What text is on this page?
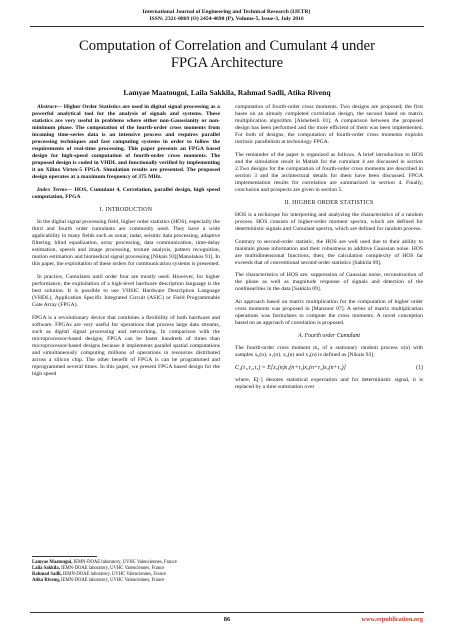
International Journal of Engineering and Technical Research (IJETR)
ISSN: 2321-0869 (O) 2454-4698 (P), Volume-5, Issue-3, July 2016
Computation of Correlation and Cumulant 4 under
FPGA Architecture
Lamyae Maatougui, Laila Sakkila, Rahmad Sadli, Atika Rivenq

Abstract— Higher Order Statistics are used in digital signal processing as a powerful analytical tool for the analysis of signals and systems. These statistics are very useful in problems where either non-Gaussianity or non-minimum phase. The computation of the fourth-order cross moments from incoming time-series data is an intensive process and requires parallel processing techniques and fast computing systems in order to follow the requirements of real-time processing. This paper presents an FPGA based design for high-speed computation of fourth-order cross moments. The proposed design is coded in VHDL and functionally verified by implementing it on Xilinx Virtex-5 FPGA. Simulation results are presented. The proposed design operates at a maximum frequency of 375 MHz.

Index Terms— HOS, Cumulant 4, Correlation, parallel design, high speed computation, FPGA

I. INTRODUCTION

In the digital signal processing field, higher order statistics (HOS), especially the third and fourth order cumulants are commonly used. They have a wide applicability in many fields such as sonar, radar, seismic data processing, adaptive filtering, blind equalization, array processing, data communication, time-delay estimation, speech and image processing, texture analysis, pattern recognition, motion estimation and biomedical signal processing [Nikais 93][Manolakos 91]. In this paper, the exploitation of these orders for communication systems is presented.

In practice, Cumulants until order four are mostly used. However, for higher performance, the exploitation of a high-level hardware description language is the best solution. It is possible to use VHSIC Hardware Description Language (VHDL), Application Specific Integrated Circuit (ASIC) or Field Programmable Gate Array (FPGA).

FPGA is a revolutionary device that combines a flexibility of both hardware and software. FPGAs are very useful for operations that process large data streams, such as digital signal processing and networking. In comparison with the microprocessor-based designs, FPGA can be faster hundreds of times than microprocessor-based designs because it implements parallel spatial computations and simultaneously computing millions of operations in resources distributed across a silicon chip. The other benefit of FPGA is can be programmed and reprogrammed several times. In this paper, we present FPGA based design for the high speed

computation of fourth-order cross moments. Two designs are proposed; the first bases on an already completed correlation design, the second based on matrix multiplication algorithm [Alshebeili 01]. A comparison between the proposed design has been performed and the more efficient of them was been implemented. For both of designs, the computation of fourth-order cross moments exploits intrinsic parallelism at technology FPGA.

The remainder of the paper is organized as follows. A brief introduction to HOS and the simulation result in Matlab for the cumulant 4 are discussed in section 2.Two designs for the computation of fourth-order cross moments are described in section 3 and the architectural details for them have been discussed. FPGA implementation results for correlation are summarized in section 4. Finally, conclusion and prospects are given in section 5.

II. HIGHER ORDER STATISTICS

HOS is a technique for interpreting and analyzing the characteristics of a random process. HOS consists of higher-order moment spectra, which are defined for deterministic signals and Cumulant spectra, which are defined for random process.

Contrary to second-order statistic, the HOS are well used due to their ability to maintain phase information and their robustness to additive Gaussian noise. HOS are multidimensional functions, then; the calculation complexity of HOS far exceeds that of conventional second-order statistics [Sakkila 09].

The characteristics of HOS are: suppression of Gaussian noise, reconstruction of the phase as well as magnitude response of signals and detection of the nonlinearities in the data [Sakkila 09].

An approach based on matrix multiplication for the computation of higher order cross moments was proposed in [Manzoor 07]. A series of matrix multiplication operations was formulates to compute the cross moments. A novel conception based on an approach of correlation is proposed.

A. Fourth order Cumulant

The fourth-order cross moment m₄ of a stationary random process x(n) with samples x₀(n), x₁(n), x₂(n) and x₃(n) is defined as [Nikais 93]:

C₄(τ₁,τ₂,τ₃) = E[x₀(n)x₁(n+τ₁)x₂(n+τ₂)x₃(n+τ₃)]	(1)

where, E[·] denotes statistical expectation and for deterministic signal, it is replaced by a time summation over

Lamyae Maatougui, IEMN-DOAE laboratory, UVHC Valenciennes, France
Laila Sakkila, IEMN-DOAE laboratory, UVHC Valenciennes, France
Rahmad Sadli, IEMN-DOAE laboratory, UVHC Valenciennes, France
Atika Rivenq, IEMN-DOAE laboratory, UVHC Valenciennes, France
86	www.erpublication.org
